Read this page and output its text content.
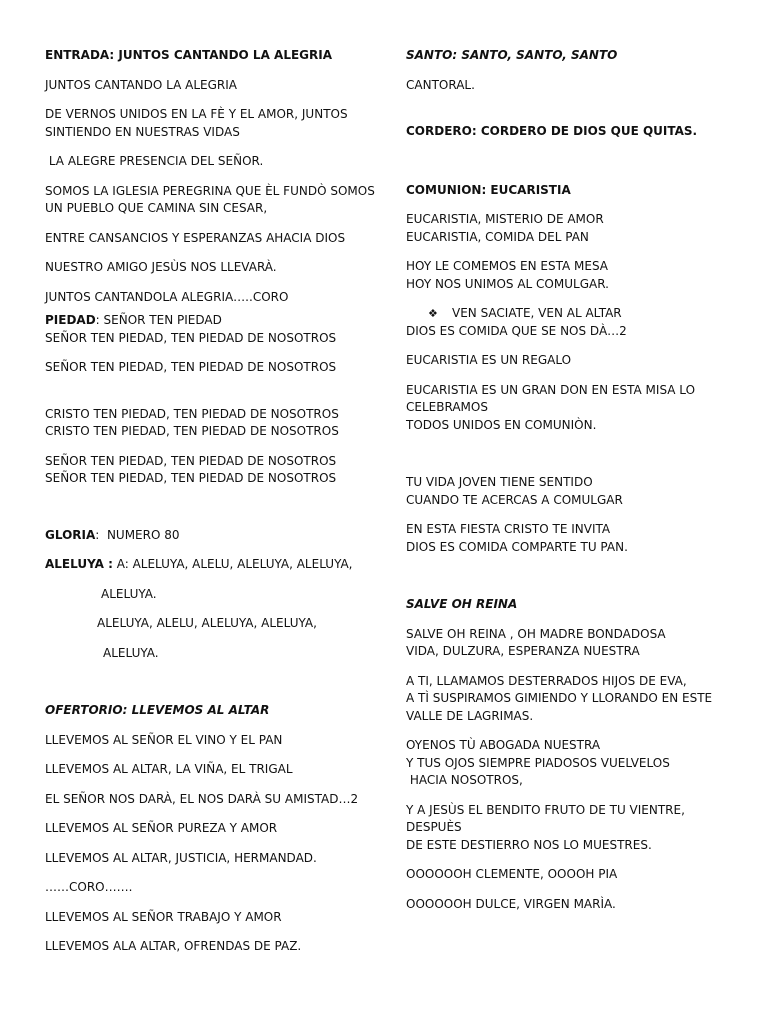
ENTRADA: JUNTOS CANTANDO LA ALEGRIA

JUNTOS CANTANDO LA ALEGRIA

DE VERNOS UNIDOS EN LA FÈ Y EL AMOR, JUNTOS
SINTIENDO EN NUESTRAS VIDAS

LA ALEGRE PRESENCIA DEL SEÑOR.

SOMOS LA IGLESIA PEREGRINA QUE ÈL FUNDÒ SOMOS
UN PUEBLO QUE CAMINA SIN CESAR,

ENTRE CANSANCIOS Y ESPERANZAS AHACIA DIOS

NUESTRO AMIGO JESÙS NOS LLEVARÀ.

JUNTOS CANTANDOLA ALEGRIA…..CORO

PIEDAD: SEÑOR TEN PIEDAD
SEÑOR TEN PIEDAD, TEN PIEDAD DE NOSOTROS

SEÑOR TEN PIEDAD, TEN PIEDAD DE NOSOTROS

CRISTO TEN PIEDAD, TEN PIEDAD DE NOSOTROS
CRISTO TEN PIEDAD, TEN PIEDAD DE NOSOTROS

SEÑOR TEN PIEDAD, TEN PIEDAD DE NOSOTROS
SEÑOR TEN PIEDAD, TEN PIEDAD DE NOSOTROS

GLORIA:  NUMERO 80

ALELUYA : A: ALELUYA, ALELU, ALELUYA, ALELUYA,

ALELUYA.

ALELUYA, ALELU, ALELUYA, ALELUYA,

ALELUYA.

OFERTORIO: LLEVEMOS AL ALTAR

LLEVEMOS AL SEÑOR EL VINO Y EL PAN

LLEVEMOS AL ALTAR, LA VIÑA, EL TRIGAL

EL SEÑOR NOS DARÀ, EL NOS DARÀ SU AMISTAD…2

LLEVEMOS AL SEÑOR PUREZA Y AMOR

LLEVEMOS AL ALTAR, JUSTICIA, HERMANDAD.

……CORO…….

LLEVEMOS AL SEÑOR TRABAJO Y AMOR

LLEVEMOS ALA ALTAR, OFRENDAS DE PAZ.

SANTO: SANTO, SANTO, SANTO

CANTORAL.

CORDERO: CORDERO DE DIOS QUE QUITAS.

COMUNION: EUCARISTIA

EUCARISTIA, MISTERIO DE AMOR
EUCARISTIA, COMIDA DEL PAN

HOY LE COMEMOS EN ESTA MESA
HOY NOS UNIMOS AL COMULGAR.

❖ VEN SACIATE, VEN AL ALTAR

DIOS ES COMIDA QUE SE NOS DÀ…2

EUCARISTIA ES UN REGALO

EUCARISTIA ES UN GRAN DON EN ESTA MISA LO
CELEBRAMOS
TODOS UNIDOS EN COMUNIÒN.

TU VIDA JOVEN TIENE SENTIDO
CUANDO TE ACERCAS A COMULGAR

EN ESTA FIESTA CRISTO TE INVITA
DIOS ES COMIDA COMPARTE TU PAN.

SALVE OH REINA

SALVE OH REINA , OH MADRE BONDADOSA
VIDA, DULZURA, ESPERANZA NUESTRA

A TI, LLAMAMOS DESTERRADOS HIJOS DE EVA,
A TÌ SUSPIRAMOS GIMIENDO Y LLORANDO EN ESTE
VALLE DE LAGRIMAS.

OYENOS TÙ ABOGADA NUESTRA
Y TUS OJOS SIEMPRE PIADOSOS VUELVELOS
HACIA NOSOTROS,

Y A JESÙS EL BENDITO FRUTO DE TU VIENTRE, DESPUÈS
DE ESTE DESTIERRO NOS LO MUESTRES.

OOOOOOH CLEMENTE, OOOOH PIA

OOOOOOH DULCE, VIRGEN MARÌA.
